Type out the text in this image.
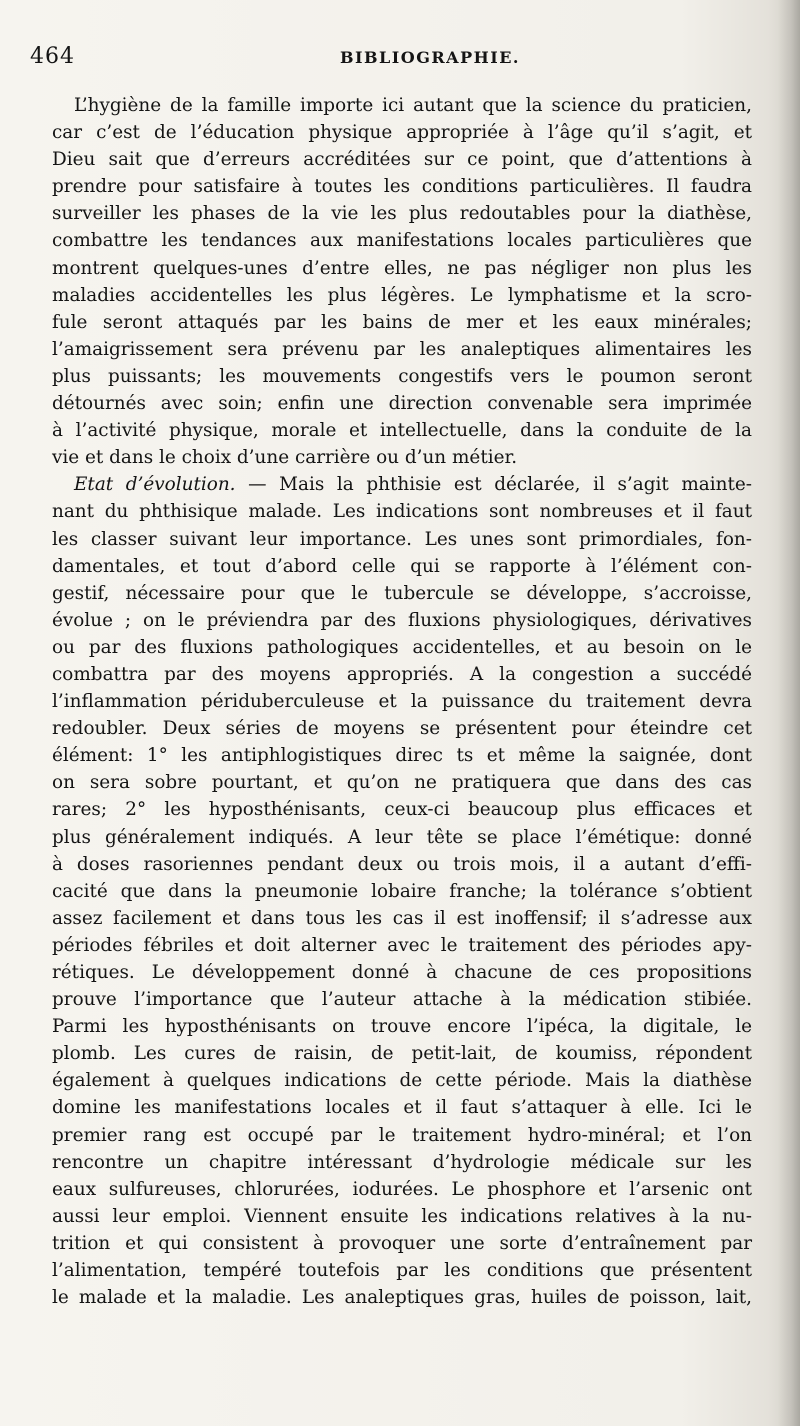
464	BIBLIOGRAPHIE.
L’hygiène de la famille importe ici autant que la science du praticien,
car c’est de l’éducation physique appropriée à l’âge qu’il s’agit, et
Dieu sait que d’erreurs accréditées sur ce point, que d’attentions à
prendre pour satisfaire à toutes les conditions particulières. Il faudra
surveiller les phases de la vie les plus redoutables pour la diathèse,
combattre les tendances aux manifestations locales particulières que
montrent quelques-unes d’entre elles, ne pas négliger non plus les
maladies accidentelles les plus légères. Le lymphatisme et la scro-
fule seront attaqués par les bains de mer et les eaux minérales;
l’amaigrissement sera prévenu par les analeptiques alimentaires les
plus puissants; les mouvements congestifs vers le poumon seront
détournés avec soin; enfin une direction convenable sera imprimée
à l’activité physique, morale et intellectuelle, dans la conduite de la
vie et dans le choix d’une carrière ou d’un métier.
Etat d’évolution. — Mais la phthisie est déclarée, il s’agit mainte-
nant du phthisique malade. Les indications sont nombreuses et il faut
les classer suivant leur importance. Les unes sont primordiales, fon-
damentales, et tout d’abord celle qui se rapporte à l’élément con-
gestif, nécessaire pour que le tubercule se développe, s’accroisse,
évolue ; on le préviendra par des fluxions physiologiques, dérivatives
ou par des fluxions pathologiques accidentelles, et au besoin on le
combattra par des moyens appropriés. A la congestion a succédé
l’inflammation périduberculeuse et la puissance du traitement devra
redoubler. Deux séries de moyens se présentent pour éteindre cet
élément: 1° les antiphlogistiques direc ts et même la saignée, dont
on sera sobre pourtant, et qu’on ne pratiquera que dans des cas
rares; 2° les hyposthénisants, ceux-ci beaucoup plus efficaces et
plus généralement indiqués. A leur tête se place l’émétique: donné
à doses rasoriennes pendant deux ou trois mois, il a autant d’effi-
cacité que dans la pneumonie lobaire franche; la tolérance s’obtient
assez facilement et dans tous les cas il est inoffensif; il s’adresse aux
périodes fébriles et doit alterner avec le traitement des périodes apy-
rétiques. Le développement donné à chacune de ces propositions
prouve l’importance que l’auteur attache à la médication stibiée.
Parmi les hyposthénisants on trouve encore l’ipéca, la digitale, le
plomb. Les cures de raisin, de petit-lait, de koumiss, répondent
également à quelques indications de cette période. Mais la diathèse
domine les manifestations locales et il faut s’attaquer à elle. Ici le
premier rang est occupé par le traitement hydro-minéral; et l’on
rencontre un chapitre intéressant d’hydrologie médicale sur les
eaux sulfureuses, chlorurées, iodurées. Le phosphore et l’arsenic ont
aussi leur emploi. Viennent ensuite les indications relatives à la nu-
trition et qui consistent à provoquer une sorte d’entraînement par
l’alimentation, tempéré toutefois par les conditions que présentent
le malade et la maladie. Les analeptiques gras, huiles de poisson, lait,
